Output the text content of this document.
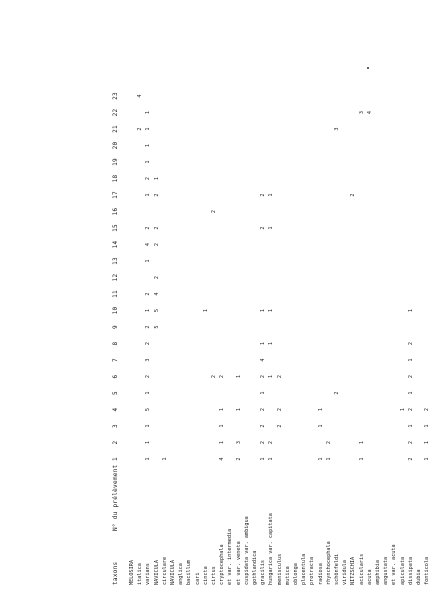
taxons
N° du prélèvement
1
2
3
4
5
6
7
8
9
10
11
12
13
14
15
16
17
18
19
20
21
22
23
MELOSIRA italica
2
4
varians
1
1
1
5
1
2
3
2
2
1
2
1
4
2
1
2
1
1
1
1
NAVICULA
5
5
4
2
2
2
2
1
circulare
1
NAVICULA anglica bacillum cari cincta
1
cirtus
2
2
cryptocephala
4
1
1
1
2
et var. intermedia et var. veneta
2
3
1
1
cuspidata var. ambigua gothlandica gracilis
1
2
2
2
1
2
4
1
1
2
2
hungarica var. capitata
1
2
1
1
1
1
1
menisculus
2
2
2
mutica oblonga placentula protracta radiosa
1
1
1
rhynchocephala
1
2
schönfeldi
2
3
viridula NITZSCHIA
2
acicularis
1
1
3
acuta
4
amphibia angustata et var. acuta apiculata
1
dissipata
2
2
1
2
1
2
1
2
1
dubia fonticola
1
1
1
2
